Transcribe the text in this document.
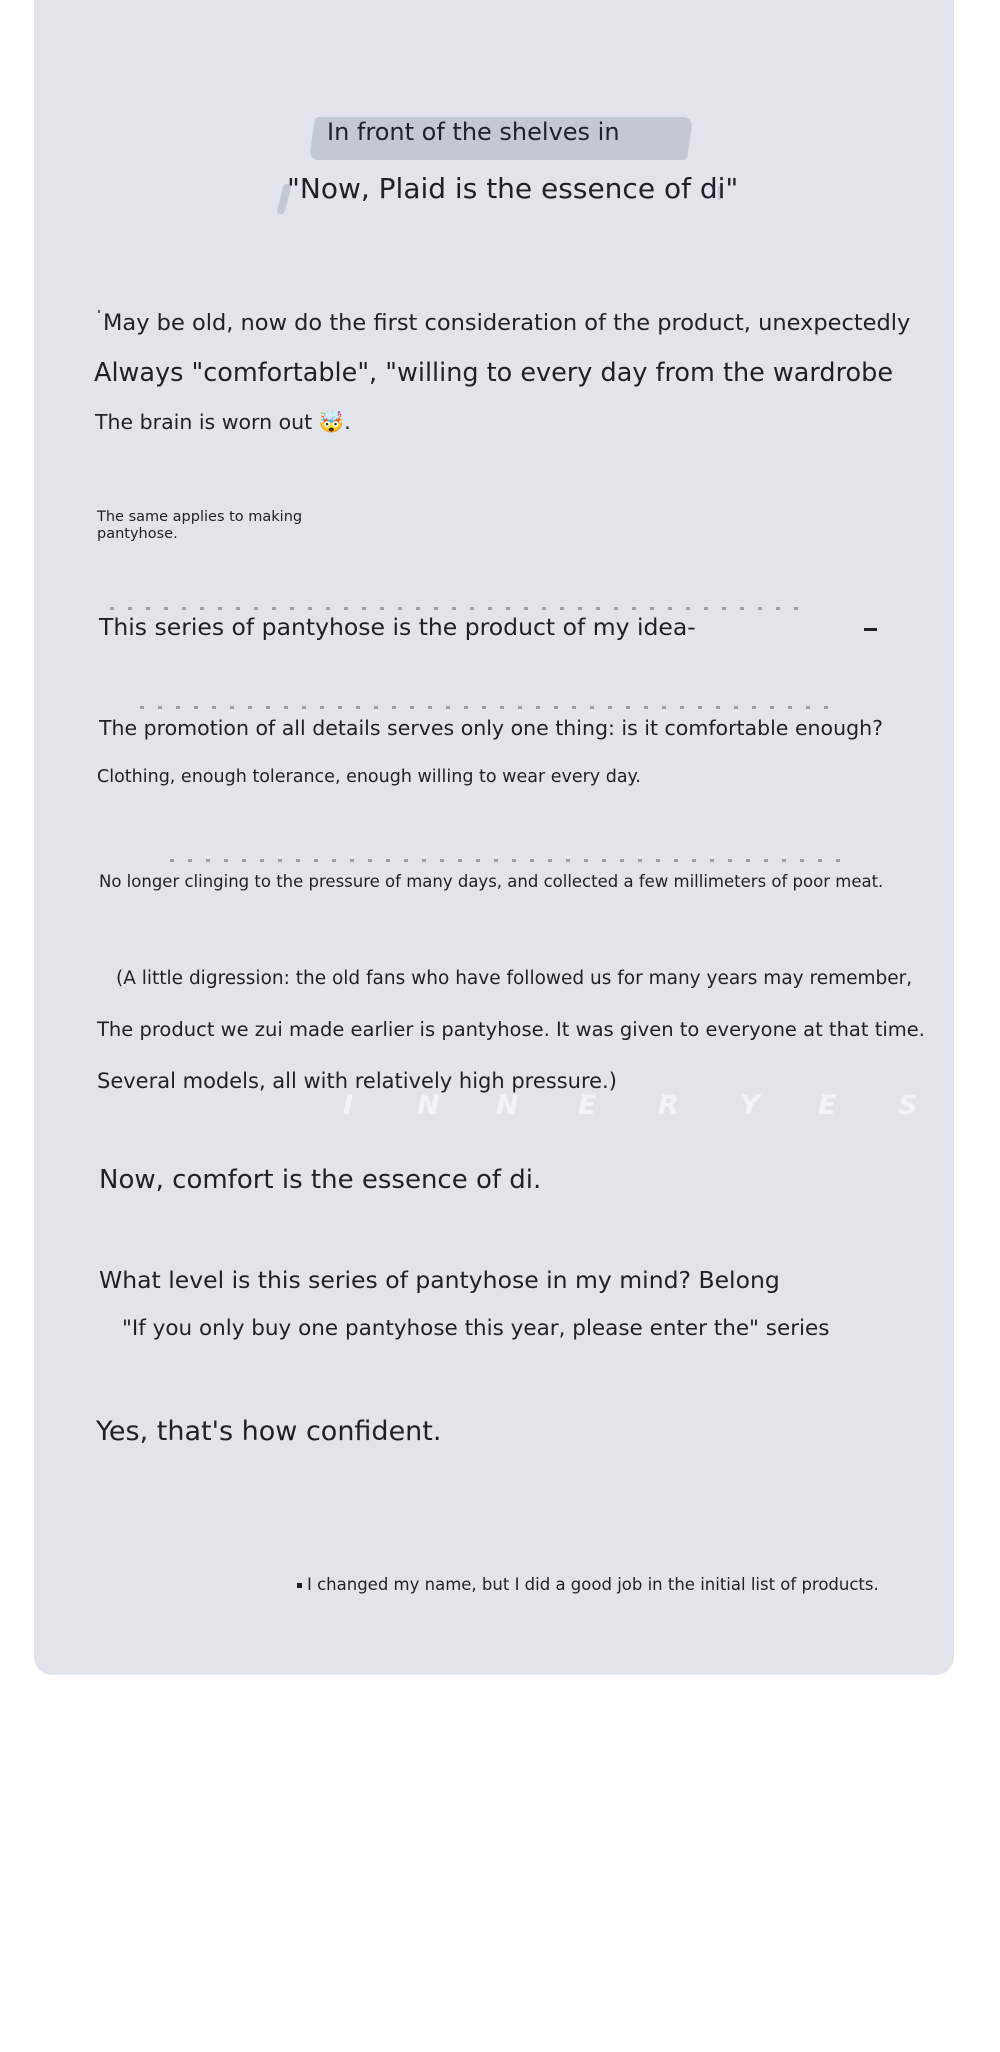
In front of the shelves in
"Now, Plaid is the essence of di"
May be old, now do the first consideration of the product, unexpectedly
Always "comfortable", "willing to every day from the wardrobe
The brain is worn out 🤯.
The same applies to making
pantyhose.
This series of pantyhose is the product of my idea-
The promotion of all details serves only one thing: is it comfortable enough?
Clothing, enough tolerance, enough willing to wear every day.
No longer clinging to the pressure of many days, and collected a few millimeters of poor meat.
(A little digression: the old fans who have followed us for many years may remember,
The product we zui made earlier is pantyhose. It was given to everyone at that time.
Several models, all with relatively high pressure.)
I N N E R Y E S
Now, comfort is the essence of di.
What level is this series of pantyhose in my mind? Belong
"If you only buy one pantyhose this year, please enter the" series
Yes, that's how confident.
I changed my name, but I did a good job in the initial list of products.
